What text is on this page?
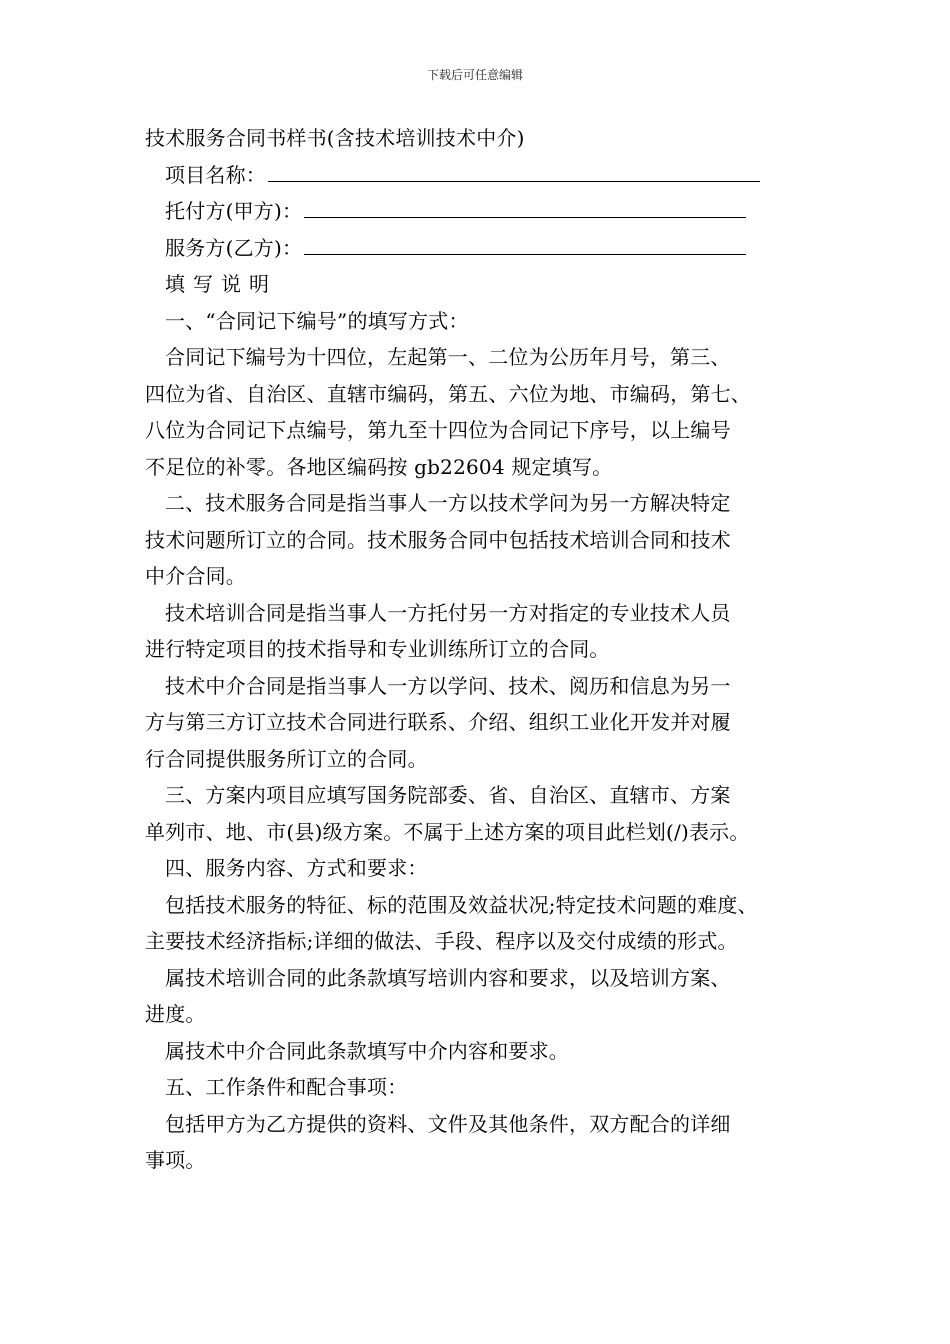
下载后可任意编辑
技术服务合同书样书(含技术培训技术中介)
项目名称：
托付方(甲方)：
服务方(乙方)：
填写说明
一、“合同记下编号”的填写方式：
合同记下编号为十四位，左起第一、二位为公历年月号，第三、
四位为省、自治区、直辖市编码，第五、六位为地、市编码，第七、
八位为合同记下点编号，第九至十四位为合同记下序号，以上编号
不足位的补零。各地区编码按 gb22604 规定填写。
二、技术服务合同是指当事人一方以技术学问为另一方解决特定
技术问题所订立的合同。技术服务合同中包括技术培训合同和技术
中介合同。
技术培训合同是指当事人一方托付另一方对指定的专业技术人员
进行特定项目的技术指导和专业训练所订立的合同。
技术中介合同是指当事人一方以学问、技术、阅历和信息为另一
方与第三方订立技术合同进行联系、介绍、组织工业化开发并对履
行合同提供服务所订立的合同。
三、方案内项目应填写国务院部委、省、自治区、直辖市、方案
单列市、地、市(县)级方案。不属于上述方案的项目此栏划(/)表示。
四、服务内容、方式和要求：
包括技术服务的特征、标的范围及效益状况;特定技术问题的难度、
主要技术经济指标;详细的做法、手段、程序以及交付成绩的形式。
属技术培训合同的此条款填写培训内容和要求，以及培训方案、
进度。
属技术中介合同此条款填写中介内容和要求。
五、工作条件和配合事项：
包括甲方为乙方提供的资料、文件及其他条件，双方配合的详细
事项。
